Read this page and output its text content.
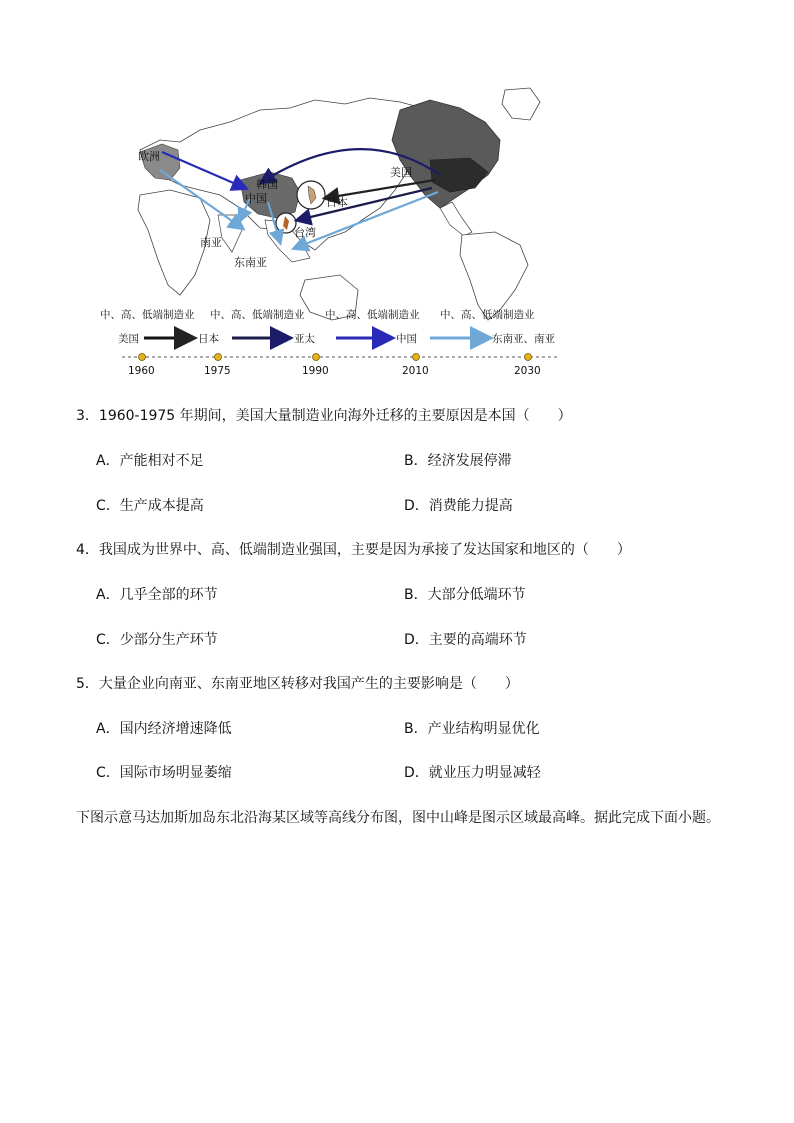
欧洲
中国
韩国
日本
台湾
美国
南亚
东南亚
中、高、低端制造业 中、高、低端制造业 中、高、低端制造业 中、高、低端制造业
美国	日本	亚太	中国	东南亚、南亚
1960	1975	1990	2010	2030
3．1960-1975 年期间，美国大量制造业向海外迁移的主要原因是本国（　　）
A．产能相对不足	B．经济发展停滞
C．生产成本提高	D．消费能力提高
4．我国成为世界中、高、低端制造业强国，主要是因为承接了发达国家和地区的（　　）
A．几乎全部的环节	B．大部分低端环节
C．少部分生产环节	D．主要的高端环节
5．大量企业向南亚、东南亚地区转移对我国产生的主要影响是（　　）
A．国内经济增速降低	B．产业结构明显优化
C．国际市场明显萎缩	D．就业压力明显减轻
下图示意马达加斯加岛东北沿海某区域等高线分布图，图中山峰是图示区域最高峰。据此完成下面小题。
